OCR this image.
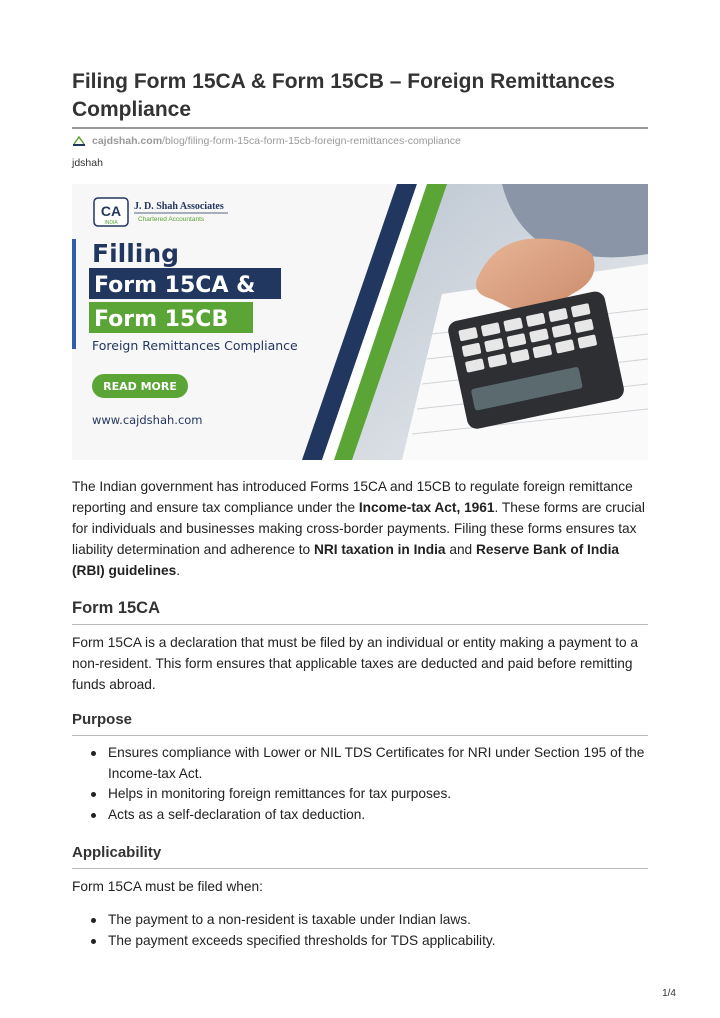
Filing Form 15CA & Form 15CB – Foreign Remittances Compliance
cajdshah.com /blog/filing-form-15ca-form-15cb-foreign-remittances-compliance
jdshah
CA
INDIA
J. D. Shah Associates
Chartered Accountants
Filling
Form 15CA &
Form 15CB
Foreign Remittances Compliance
READ MORE
www.cajdshah.com
The Indian government has introduced Forms 15CA and 15CB to regulate foreign remittance reporting and ensure tax compliance under the Income-tax Act, 1961. These forms are crucial for individuals and businesses making cross-border payments. Filing these forms ensures tax liability determination and adherence to NRI taxation in India and Reserve Bank of India (RBI) guidelines.
Form 15CA
Form 15CA is a declaration that must be filed by an individual or entity making a payment to a non-resident. This form ensures that applicable taxes are deducted and paid before remitting funds abroad.
Purpose
Ensures compliance with Lower or NIL TDS Certificates for NRI under Section 195 of the Income-tax Act.
Helps in monitoring foreign remittances for tax purposes.
Acts as a self-declaration of tax deduction.
Applicability
Form 15CA must be filed when:
The payment to a non-resident is taxable under Indian laws.
The payment exceeds specified thresholds for TDS applicability.
1/4
